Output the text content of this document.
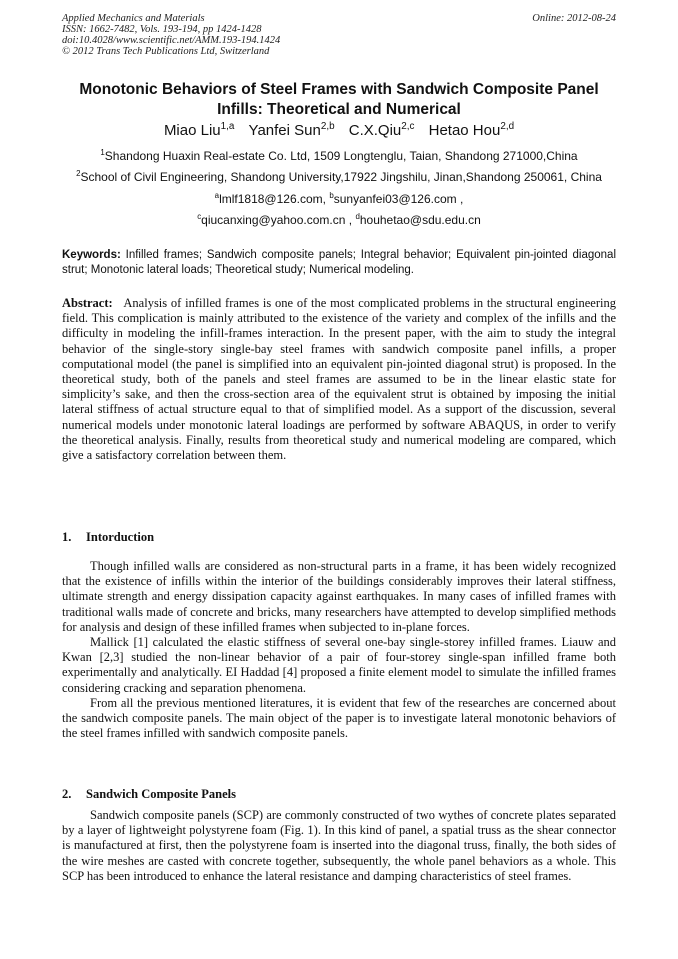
Applied Mechanics and Materials
ISSN: 1662-7482, Vols. 193-194, pp 1424-1428
doi:10.4028/www.scientific.net/AMM.193-194.1424
© 2012 Trans Tech Publications Ltd, Switzerland
Online: 2012-08-24
Monotonic Behaviors of Steel Frames with Sandwich Composite Panel Infills: Theoretical and Numerical
Miao Liu$^{1,a}$ Yanfei Sun$^{2,b}$ C.X.Qiu$^{2,c}$ Hetao Hou$^{2,d}$
$^1$Shandong Huaxin Real-estate Co. Ltd, 1509 Longtenglu, Taian, Shandong 271000,China
$^2$School of Civil Engineering, Shandong University,17922 Jingshilu, Jinan,Shandong 250061, China
$^a$lmlf1818@126.com, $^b$sunyanfei03@126.com ,
$^c$qiucanxing@yahoo.com.cn , $^d$houhetao@sdu.edu.cn
Keywords: Infilled frames; Sandwich composite panels; Integral behavior; Equivalent pin-jointed diagonal strut; Monotonic lateral loads; Theoretical study; Numerical modeling.
Abstract: Analysis of infilled frames is one of the most complicated problems in the structural engineering field. This complication is mainly attributed to the existence of the variety and complex of the infills and the difficulty in modeling the infill-frames interaction. In the present paper, with the aim to study the integral behavior of the single-story single-bay steel frames with sandwich composite panel infills, a proper computational model (the panel is simplified into an equivalent pin-jointed diagonal strut) is proposed. In the theoretical study, both of the panels and steel frames are assumed to be in the linear elastic state for simplicity’s sake, and then the cross-section area of the equivalent strut is obtained by imposing the initial lateral stiffness of actual structure equal to that of simplified model. As a support of the discussion, several numerical models under monotonic lateral loadings are performed by software ABAQUS, in order to verify the theoretical analysis. Finally, results from theoretical study and numerical modeling are compared, which give a satisfactory correlation between them.
1. Intorduction

Though infilled walls are considered as non-structural parts in a frame, it has been widely recognized that the existence of infills within the interior of the buildings considerably improves their lateral stiffness, ultimate strength and energy dissipation capacity against earthquakes. In many cases of infilled frames with traditional walls made of concrete and bricks, many researchers have attempted to develop simplified methods for analysis and design of these infilled frames when subjected to in-plane forces.

Mallick [1] calculated the elastic stiffness of several one-bay single-storey infilled frames. Liauw and Kwan [2,3] studied the non-linear behavior of a pair of four-storey single-span infilled frame both experimentally and analytically. EI Haddad [4] proposed a finite element model to simulate the infilled frames considering cracking and separation phenomena.

From all the previous mentioned literatures, it is evident that few of the researches are concerned about the sandwich composite panels. The main object of the paper is to investigate lateral monotonic behaviors of the steel frames infilled with sandwich composite panels.

2. Sandwich Composite Panels

Sandwich composite panels (SCP) are commonly constructed of two wythes of concrete plates separated by a layer of lightweight polystyrene foam (Fig. 1). In this kind of panel, a spatial truss as the shear connector is manufactured at first, then the polystyrene foam is inserted into the diagonal truss, finally, the both sides of the wire meshes are casted with concrete together, subsequently, the whole panel behaviors as a whole. This SCP has been introduced to enhance the lateral resistance and damping characteristics of steel frames.
